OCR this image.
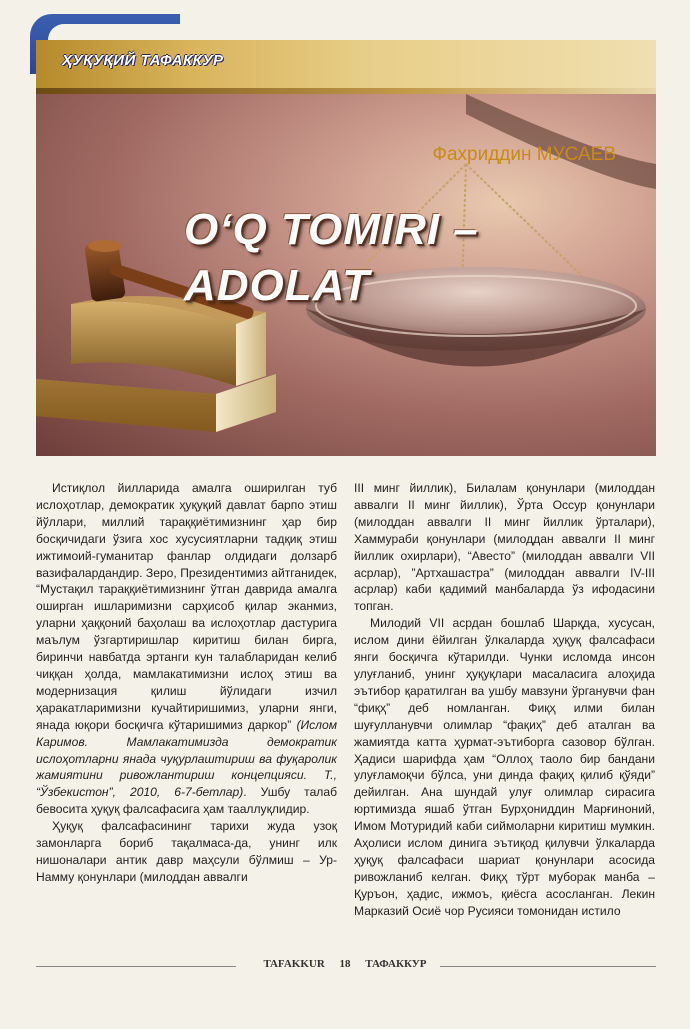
ҲУҚУҚИЙ ТАФАККУР
Фахриддин МУСАЕВ
O‘Q TOMIRI –
ADOLAT

Истиқлол йилларида амалга оширилган туб ислоҳотлар, демократик ҳуқуқий давлат барпо этиш йўллари, миллий тараққиётимизнинг ҳар бир босқичидаги ўзига хос хусусиятларни тадқиқ этиш ижтимоий-гуманитар фанлар олдидаги долзарб вазифалардандир. Зеро, Президентимиз айтганидек, “Мустақил тараққиётимизнинг ўтган даврида амалга оширган ишларимизни сарҳисоб қилар эканмиз, уларни ҳаққоний баҳолаш ва ислоҳотлар дастурига маълум ўзгартиришлар киритиш билан бирга, биринчи навбатда эртанги кун талабларидан келиб чиққан ҳолда, мамлакатимизни ислоҳ этиш ва модернизация қилиш йўлидаги изчил ҳаракатларимизни кучайтиришимиз, уларни янги, янада юқори босқичга кўтаришимиз даркор” (Ислом Каримов. Мамлакатимизда демократик ислоҳотларни янада чуқурлаштириш ва фуқаролик жамиятини ривожлантириш концепцияси. Т., “Ўзбекистон”, 2010, 6-7-бетлар). Ушбу талаб бевосита ҳуқуқ фалсафасига ҳам тааллуқлидир.

Ҳуқуқ фалсафасининг тарихи жуда узоқ замонларга бориб тақалмаса-да, унинг илк нишоналари антик давр маҳсули бўлмиш – Ур-Намму қонунлари (милоддан аввалги

III минг йиллик), Билалам қонунлари (милоддан аввалги II минг йиллик), Ўрта Оссур қонунлари (милоддан аввалги II минг йиллик ўрталари), Хаммураби қонунлари (милоддан аввалги II минг йиллик охирлари), “Авесто” (милоддан аввалги VII асрлар), ”Артхашастра” (милоддан аввалги IV-III асрлар) каби қадимий манбаларда ўз ифодасини топган.

Милодий VII асрдан бошлаб Шарқда, хусусан, ислом дини ёйилган ўлкаларда ҳуқуқ фалсафаси янги босқичга кўтарилди. Чунки исломда инсон улуғланиб, унинг ҳуқуқлари масаласига алоҳида эътибор қаратилган ва ушбу мавзуни ўрганувчи фан “фиқҳ” деб номланган. Фиқҳ илми билан шуғулланувчи олимлар “фақиҳ” деб аталган ва жамиятда катта ҳурмат-эътиборга сазовор бўлган. Ҳадиси шарифда ҳам “Оллоҳ таоло бир бандани улуғламоқчи бўлса, уни динда фақиҳ қилиб қўяди” дейилган. Ана шундай улуғ олимлар сирасига юртимизда яшаб ўтган Бурҳониддин Марғиноний, Имом Мотуридий каби сиймоларни киритиш мумкин. Аҳолиси ислом динига эътиқод қилувчи ўлкаларда ҳуқуқ фалсафаси шариат қонунлари асосида ривожланиб келган. Фиқҳ тўрт муборак манба – Қуръон, ҳадис, ижмоъ, қиёсга асосланган. Лекин Марказий Осиё чор Русияси томонидан истило

TAFAKKUR 18 ТАФАККУР
